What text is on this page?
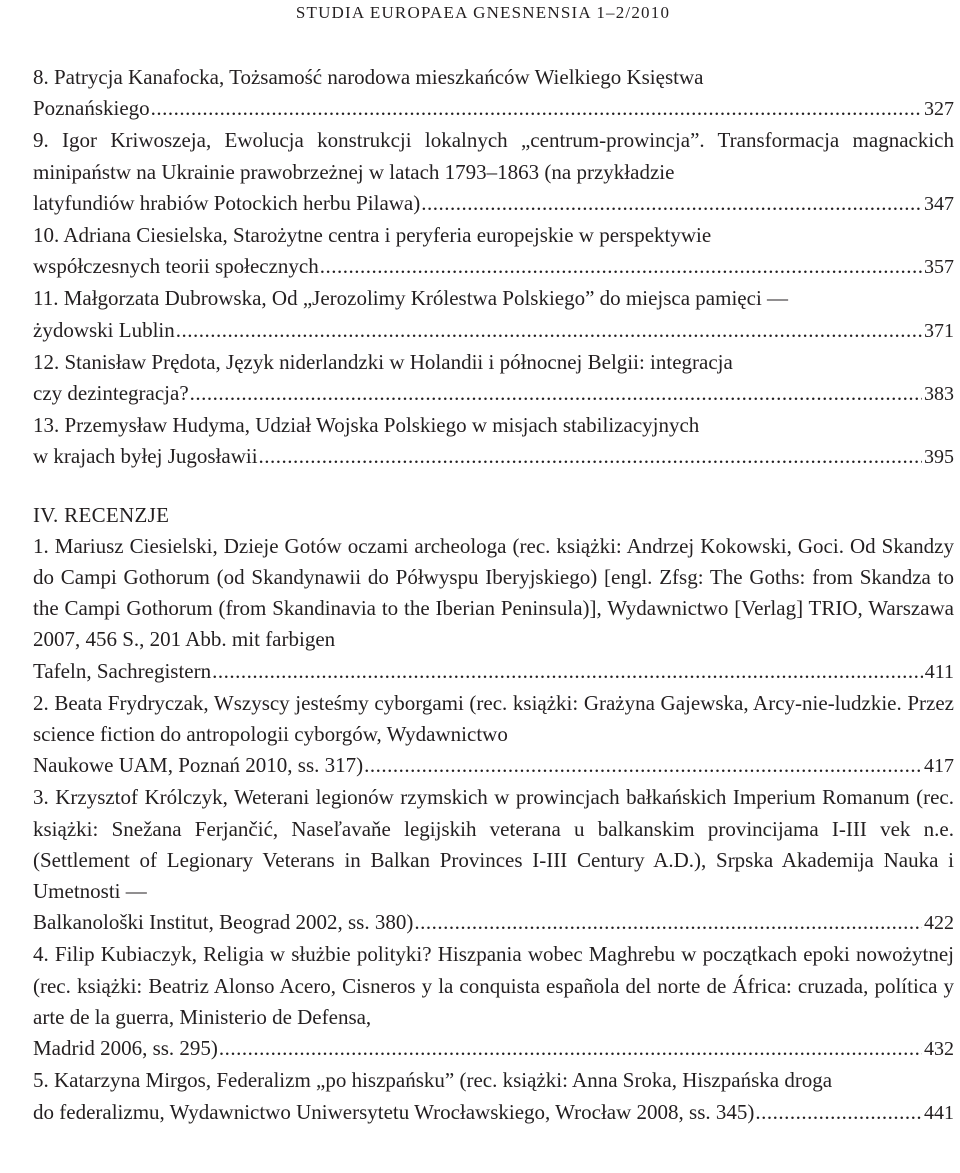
STUDIA EUROPAEA GNESNENSIA 1–2/2010
8. Patrycja Kanafocka, Tożsamość narodowa mieszkańców Wielkiego Księstwa
Poznańskiego .....	327
9. Igor Kriwoszeja, Ewolucja konstrukcji lokalnych „centrum-prowincja”. Transformacja magnackich minipaństw na Ukrainie prawobrzeżnej w latach 1793–1863 (na przykładzie
latyfundiów hrabiów Potockich herbu Pilawa) .....	347
10. Adriana Ciesielska, Starożytne centra i peryferia europejskie w perspektywie
współczesnych teorii społecznych .....	357
11. Małgorzata Dubrowska, Od „Jerozolimy Królestwa Polskiego” do miejsca pamięci —
żydowski Lublin .....	371
12. Stanisław Prędota, Język niderlandzki w Holandii i północnej Belgii: integracja
czy dezintegracja? .....	383
13. Przemysław Hudyma, Udział Wojska Polskiego w misjach stabilizacyjnych
w krajach byłej Jugosławii .....	395
IV. RECENZJE
1. Mariusz Ciesielski, Dzieje Gotów oczami archeologa (rec. książki: Andrzej Kokowski, Goci. Od Skandzy do Campi Gothorum (od Skandynawii do Półwyspu Iberyjskiego) [engl. Zfsg: The Goths: from Skandza to the Campi Gothorum (from Skandinavia to the Iberian Peninsula)], Wydawnictwo [Verlag] TRIO, Warszawa 2007, 456 S., 201 Abb. mit farbigen
Tafeln, Sachregistern .....	411
2. Beata Frydryczak, Wszyscy jesteśmy cyborgami (rec. książki: Grażyna Gajewska, Arcy-nie-ludzkie. Przez science fiction do antropologii cyborgów, Wydawnictwo
Naukowe UAM, Poznań 2010, ss. 317) .....	417
3. Krzysztof Królczyk, Weterani legionów rzymskich w prowincjach bałkańskich Imperium Romanum (rec. książki: Snežana Ferjančić, Naseľavaňe legijskih veterana u balkanskim provincijama I-III vek n.e. (Settlement of Legionary Veterans in Balkan Provinces I-III Century A.D.), Srpska Akademija Nauka i Umetnosti —
Balkanološki Institut, Beograd 2002, ss. 380) .....	422
4. Filip Kubiaczyk, Religia w służbie polityki? Hiszpania wobec Maghrebu w początkach epoki nowożytnej (rec. książki: Beatriz Alonso Acero, Cisneros y la conquista española del norte de África: cruzada, política y arte de la guerra, Ministerio de Defensa,
Madrid 2006, ss. 295) .....	432
5. Katarzyna Mirgos, Federalizm „po hiszpańsku” (rec. książki: Anna Sroka, Hiszpańska droga
do federalizmu, Wydawnictwo Uniwersytetu Wrocławskiego, Wrocław 2008, ss. 345) .....	441
